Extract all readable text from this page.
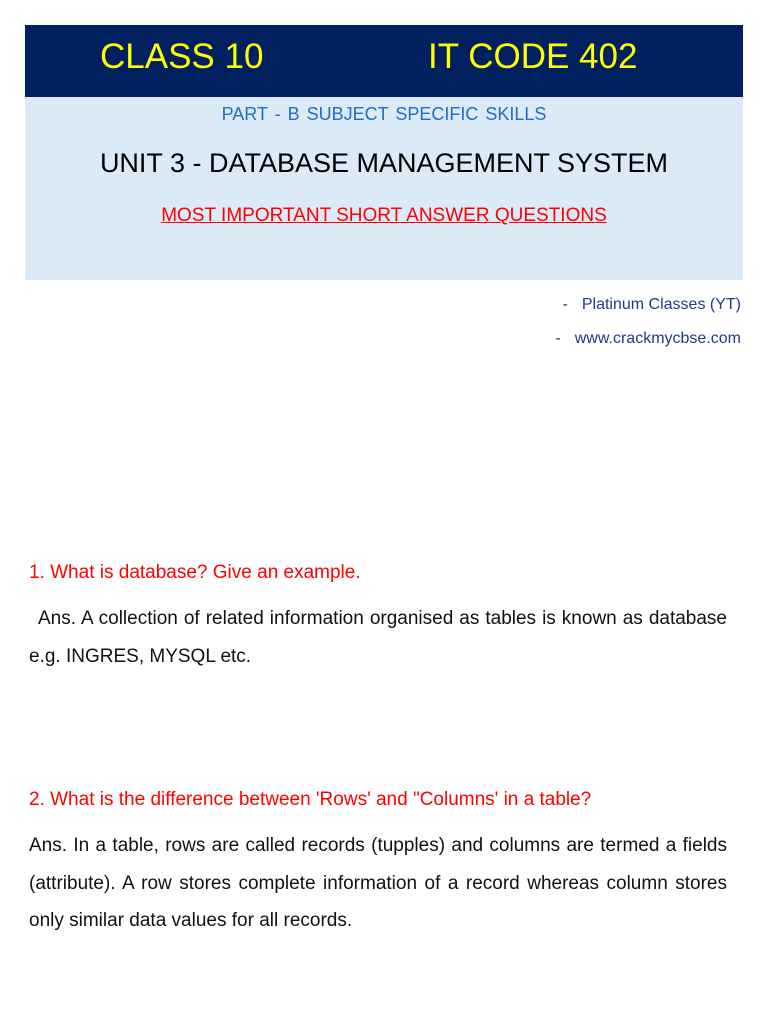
CLASS 10	IT CODE 402
PART - B SUBJECT SPECIFIC SKILLS
UNIT 3 - DATABASE MANAGEMENT SYSTEM
MOST IMPORTANT SHORT ANSWER QUESTIONS
- Platinum Classes (YT)
- www.crackmycbse.com
1. What is database? Give an example.
Ans. A collection of related information organised as tables is known as database e.g. INGRES, MYSQL etc.
2. What is the difference between 'Rows' and "Columns' in a table?
Ans. In a table, rows are called records (tupples) and columns are termed a fields (attribute). A row stores complete information of a record whereas column stores only similar data values for all records.
